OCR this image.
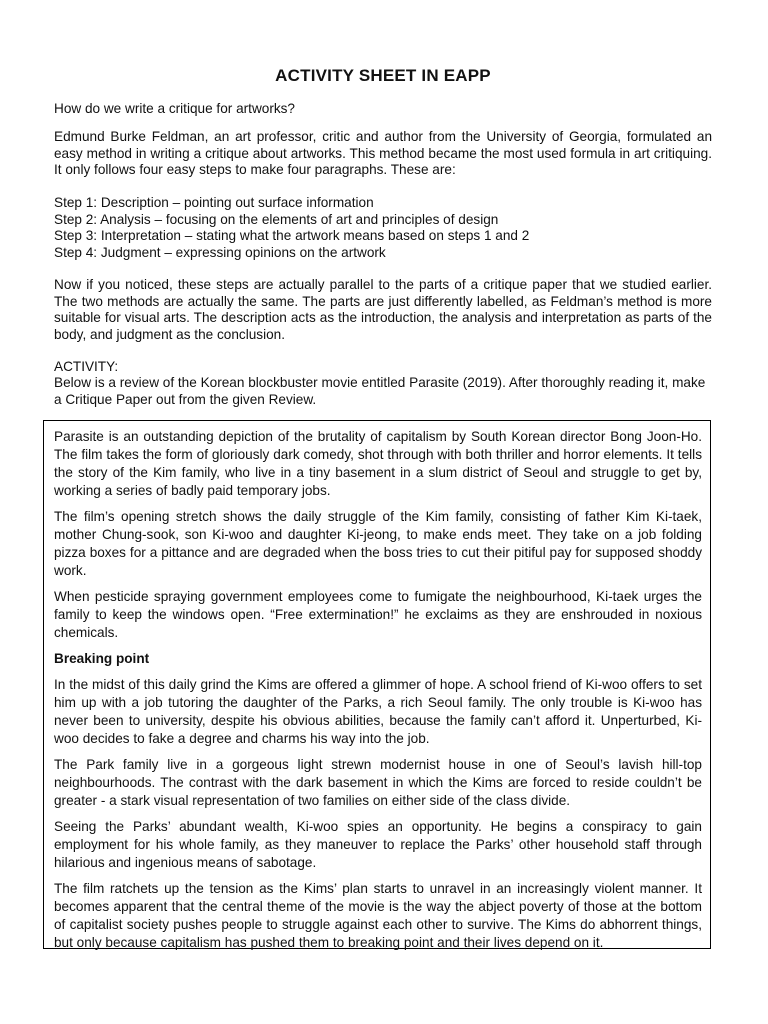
ACTIVITY SHEET IN EAPP

How do we write a critique for artworks?

Edmund Burke Feldman, an art professor, critic and author from the University of Georgia, formulated an easy method in writing a critique about artworks. This method became the most used formula in art critiquing. It only follows four easy steps to make four paragraphs. These are:

Step 1: Description – pointing out surface information

Step 2: Analysis – focusing on the elements of art and principles of design

Step 3: Interpretation – stating what the artwork means based on steps 1 and 2

Step 4: Judgment – expressing opinions on the artwork

Now if you noticed, these steps are actually parallel to the parts of a critique paper that we studied earlier. The two methods are actually the same. The parts are just differently labelled, as Feldman’s method is more suitable for visual arts. The description acts as the introduction, the analysis and interpretation as parts of the body, and judgment as the conclusion.

ACTIVITY:

Below is a review of the Korean blockbuster movie entitled Parasite (2019). After thoroughly reading it, make a Critique Paper out from the given Review.

Parasite is an outstanding depiction of the brutality of capitalism by South Korean director Bong Joon-Ho. The film takes the form of gloriously dark comedy, shot through with both thriller and horror elements. It tells the story of the Kim family, who live in a tiny basement in a slum district of Seoul and struggle to get by, working a series of badly paid temporary jobs.

The film’s opening stretch shows the daily struggle of the Kim family, consisting of father Kim Ki-taek, mother Chung-sook, son Ki-woo and daughter Ki-jeong, to make ends meet. They take on a job folding pizza boxes for a pittance and are degraded when the boss tries to cut their pitiful pay for supposed shoddy work.

When pesticide spraying government employees come to fumigate the neighbourhood, Ki-taek urges the family to keep the windows open. “Free extermination!” he exclaims as they are enshrouded in noxious chemicals.

Breaking point

In the midst of this daily grind the Kims are offered a glimmer of hope. A school friend of Ki-woo offers to set him up with a job tutoring the daughter of the Parks, a rich Seoul family. The only trouble is Ki-woo has never been to university, despite his obvious abilities, because the family can’t afford it. Unperturbed, Ki-woo decides to fake a degree and charms his way into the job.

The Park family live in a gorgeous light strewn modernist house in one of Seoul’s lavish hill-top neighbourhoods. The contrast with the dark basement in which the Kims are forced to reside couldn’t be greater - a stark visual representation of two families on either side of the class divide.

Seeing the Parks’ abundant wealth, Ki-woo spies an opportunity. He begins a conspiracy to gain employment for his whole family, as they maneuver to replace the Parks’ other household staff through hilarious and ingenious means of sabotage.

The film ratchets up the tension as the Kims’ plan starts to unravel in an increasingly violent manner. It becomes apparent that the central theme of the movie is the way the abject poverty of those at the bottom of capitalist society pushes people to struggle against each other to survive. The Kims do abhorrent things, but only because capitalism has pushed them to breaking point and their lives depend on it.
